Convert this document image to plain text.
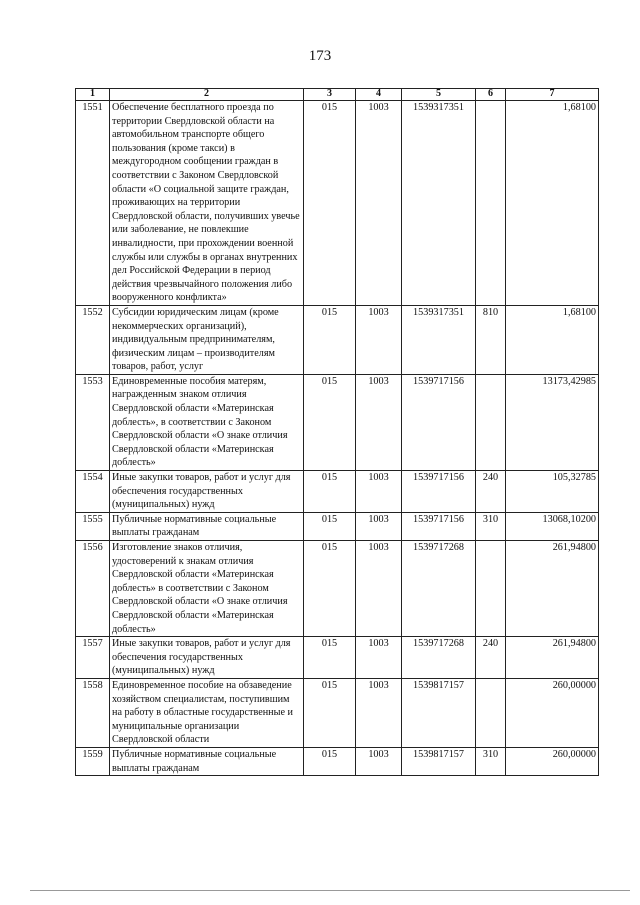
173
1	2	3	4	5	6	7
1551	Обеспечение бесплатного проезда по территории Свердловской области на автомобильном транспорте общего пользования (кроме такси) в междугородном сообщении граждан в соответствии с Законом Свердловской области «О социальной защите граждан, проживающих на территории Свердловской области, получивших увечье или заболевание, не повлекшие инвалидности, при прохождении военной службы или службы в органах внутренних дел Российской Федерации в период действия чрезвычайного положения либо вооруженного конфликта»	015	1003	1539317351		1,68100
1552	Субсидии юридическим лицам (кроме некоммерческих организаций), индивидуальным предпринимателям, физическим лицам – производителям товаров, работ, услуг	015	1003	1539317351	810	1,68100
1553	Единовременные пособия матерям, награжденным знаком отличия Свердловской области «Материнская доблесть», в соответствии с Законом Свердловской области «О знаке отличия Свердловской области «Материнская доблесть»	015	1003	1539717156		13173,42985
1554	Иные закупки товаров, работ и услуг для обеспечения государственных (муниципальных) нужд	015	1003	1539717156	240	105,32785
1555	Публичные нормативные социальные выплаты гражданам	015	1003	1539717156	310	13068,10200
1556	Изготовление знаков отличия, удостоверений к знакам отличия Свердловской области «Материнская доблесть» в соответствии с Законом Свердловской области «О знаке отличия Свердловской области «Материнская доблесть»	015	1003	1539717268		261,94800
1557	Иные закупки товаров, работ и услуг для обеспечения государственных (муниципальных) нужд	015	1003	1539717268	240	261,94800
1558	Единовременное пособие на обзаведение хозяйством специалистам, поступившим на работу в областные государственные и муниципальные организации Свердловской области	015	1003	1539817157		260,00000
1559	Публичные нормативные социальные выплаты гражданам	015	1003	1539817157	310	260,00000
